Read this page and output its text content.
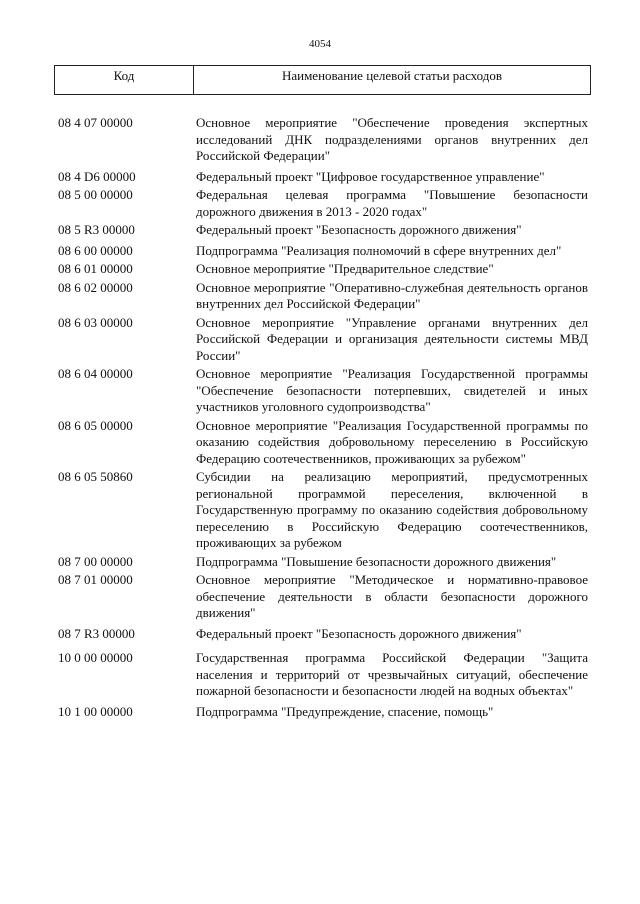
4054
Код	Наименование целевой статьи расходов
08 4 07 00000	Основное мероприятие "Обеспечение проведения экспертных исследований ДНК подразделениями органов внутренних дел Российской Федерации"
08 4 D6 00000	Федеральный проект "Цифровое государственное управление"
08 5 00 00000	Федеральная целевая программа "Повышение безопасности дорожного движения в 2013 - 2020 годах"
08 5 R3 00000	Федеральный проект "Безопасность дорожного движения"
08 6 00 00000	Подпрограмма "Реализация полномочий в сфере внутренних дел"
08 6 01 00000	Основное мероприятие "Предварительное следствие"
08 6 02 00000	Основное мероприятие "Оперативно-служебная деятельность органов внутренних дел Российской Федерации"
08 6 03 00000	Основное мероприятие "Управление органами внутренних дел Российской Федерации и организация деятельности системы МВД России"
08 6 04 00000	Основное мероприятие "Реализация Государственной программы "Обеспечение безопасности потерпевших, свидетелей и иных участников уголовного судопроизводства"
08 6 05 00000	Основное мероприятие "Реализация Государственной программы по оказанию содействия добровольному переселению в Российскую Федерацию соотечественников, проживающих за рубежом"
08 6 05 50860	Субсидии на реализацию мероприятий, предусмотренных региональной программой переселения, включенной в Государственную программу по оказанию содействия добровольному переселению в Российскую Федерацию соотечественников, проживающих за рубежом
08 7 00 00000	Подпрограмма "Повышение безопасности дорожного движения"
08 7 01 00000	Основное мероприятие "Методическое и нормативно-правовое обеспечение деятельности в области безопасности дорожного движения"
08 7 R3 00000	Федеральный проект "Безопасность дорожного движения"
10 0 00 00000	Государственная программа Российской Федерации "Защита населения и территорий от чрезвычайных ситуаций, обеспечение пожарной безопасности и безопасности людей на водных объектах"
10 1 00 00000	Подпрограмма "Предупреждение, спасение, помощь"
